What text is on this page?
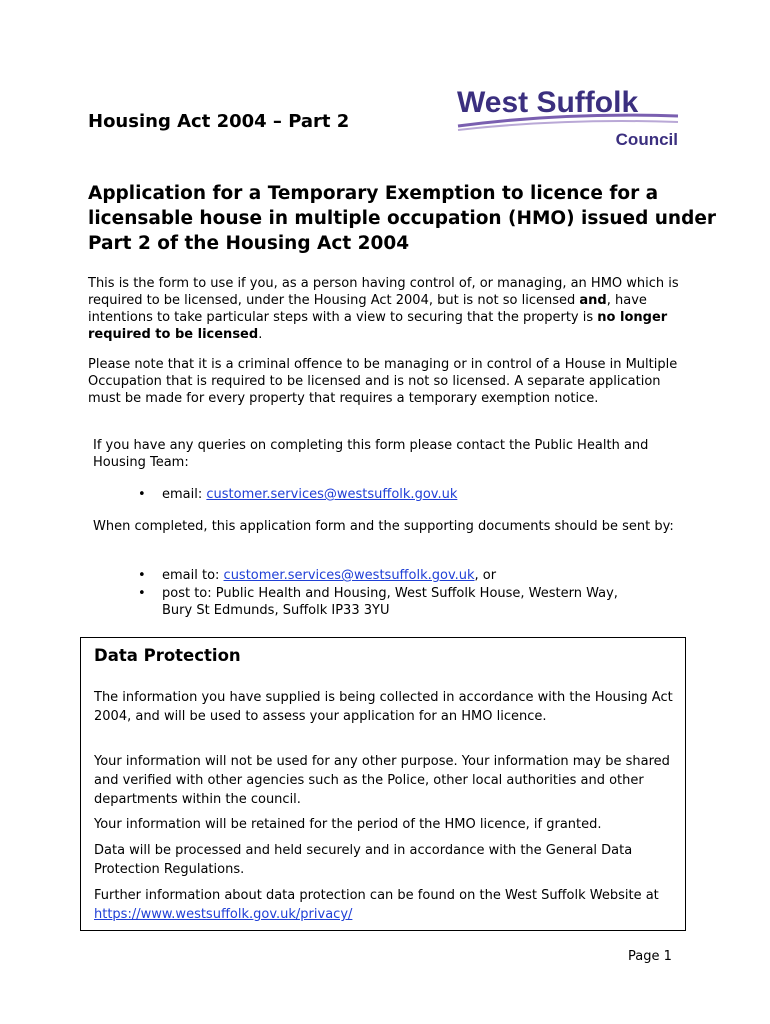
West Suffolk
Council
Housing Act 2004 – Part 2
Application for a Temporary Exemption to licence for a licensable house in multiple occupation (HMO) issued under Part 2 of the Housing Act 2004

This is the form to use if you, as a person having control of, or managing, an HMO which is required to be licensed, under the Housing Act 2004, but is not so licensed and, have intentions to take particular steps with a view to securing that the property is no longer required to be licensed.

Please note that it is a criminal offence to be managing or in control of a House in Multiple Occupation that is required to be licensed and is not so licensed. A separate application must be made for every property that requires a temporary exemption notice.

If you have any queries on completing this form please contact the Public Health and Housing Team:

•	email: customer.services@westsuffolk.gov.uk

When completed, this application form and the supporting documents should be sent by:

•	email to: customer.services@westsuffolk.gov.uk, or
•	post to: Public Health and Housing, West Suffolk House, Western Way, Bury St Edmunds, Suffolk IP33 3YU
Data Protection

The information you have supplied is being collected in accordance with the Housing Act 2004, and will be used to assess your application for an HMO licence.

Your information will not be used for any other purpose. Your information may be shared and verified with other agencies such as the Police, other local authorities and other departments within the council.

Your information will be retained for the period of the HMO licence, if granted.

Data will be processed and held securely and in accordance with the General Data Protection Regulations.

Further information about data protection can be found on the West Suffolk Website at https://www.westsuffolk.gov.uk/privacy/

Page 1
